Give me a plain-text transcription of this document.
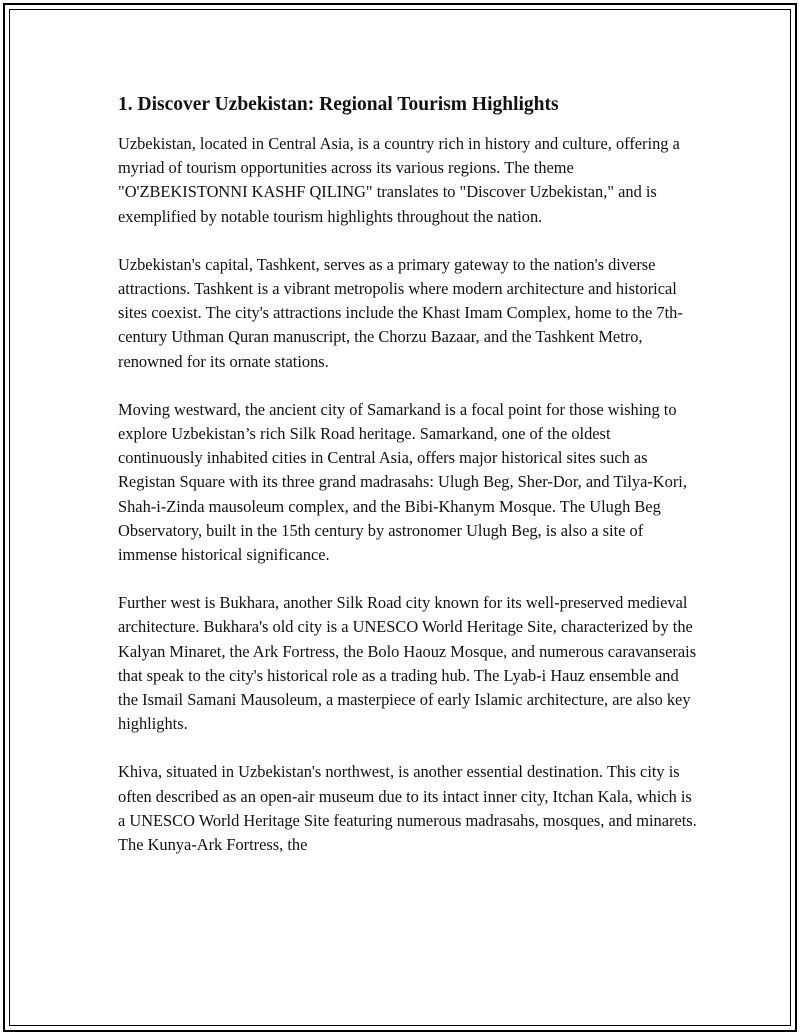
1. Discover Uzbekistan: Regional Tourism Highlights

Uzbekistan, located in Central Asia, is a country rich in history and culture, offering a myriad of tourism opportunities across its various regions. The theme "O'ZBEKISTONNI KASHF QILING" translates to "Discover Uzbekistan," and is exemplified by notable tourism highlights throughout the nation.

Uzbekistan's capital, Tashkent, serves as a primary gateway to the nation's diverse attractions. Tashkent is a vibrant metropolis where modern architecture and historical sites coexist. The city's attractions include the Khast Imam Complex, home to the 7th-century Uthman Quran manuscript, the Chorzu Bazaar, and the Tashkent Metro, renowned for its ornate stations.

Moving westward, the ancient city of Samarkand is a focal point for those wishing to explore Uzbekistan’s rich Silk Road heritage. Samarkand, one of the oldest continuously inhabited cities in Central Asia, offers major historical sites such as Registan Square with its three grand madrasahs: Ulugh Beg, Sher-Dor, and Tilya-Kori, Shah-i-Zinda mausoleum complex, and the Bibi-Khanym Mosque. The Ulugh Beg Observatory, built in the 15th century by astronomer Ulugh Beg, is also a site of immense historical significance.

Further west is Bukhara, another Silk Road city known for its well-preserved medieval architecture. Bukhara's old city is a UNESCO World Heritage Site, characterized by the Kalyan Minaret, the Ark Fortress, the Bolo Haouz Mosque, and numerous caravanserais that speak to the city's historical role as a trading hub. The Lyab-i Hauz ensemble and the Ismail Samani Mausoleum, a masterpiece of early Islamic architecture, are also key highlights.

Khiva, situated in Uzbekistan's northwest, is another essential destination. This city is often described as an open-air museum due to its intact inner city, Itchan Kala, which is a UNESCO World Heritage Site featuring numerous madrasahs, mosques, and minarets. The Kunya-Ark Fortress, the
